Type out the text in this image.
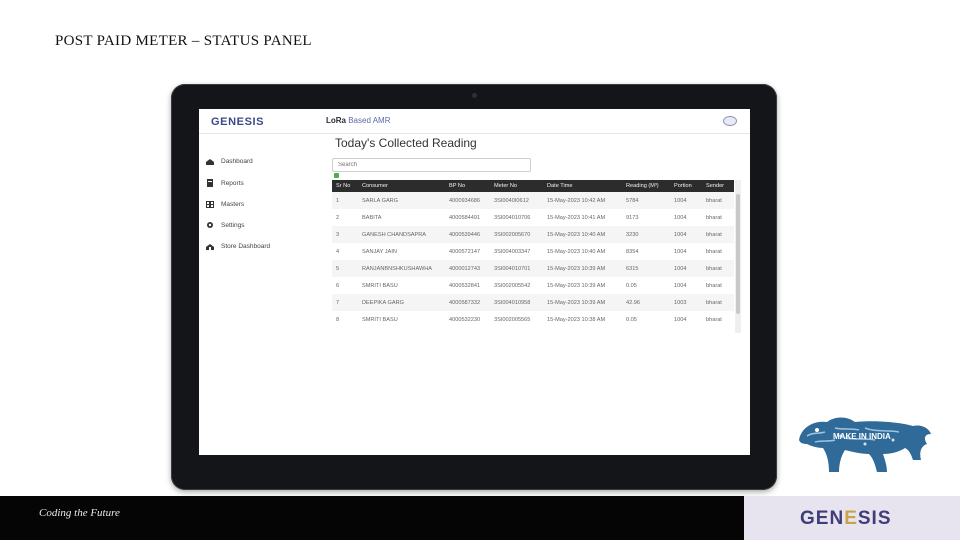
POST PAID METER – STATUS PANEL
GENESIS	LoRa Based AMR
Dashboard
Reports
Masters
Settings
Store Dashboard
Today's Collected Reading
Search
Sr No	Consumer	BP No	Meter No	Date Time	Reading (M³)	Portion	Sender
1	SARLA GARG	4000934686	3SI0040I0612	15-May-2023 10:42 AM	5784	1004	bharat
2	BABITA	4000584491	3SI004010706	15-May-2023 10:41 AM	9173	1004	bharat
3	GANESH CHANDSAPRA	4000539446	3SI002005670	15-May-2023 10:40 AM	3230	1004	bharat
4	SANJAY JAIN	4000572147	3SI004003347	15-May-2023 10:40 AM	8354	1004	bharat
5	RANJANBNSHKUSHAWHA	4000012743	3SI004010701	15-May-2023 10:39 AM	6315	1004	bharat
6	SMRITI BASU	4000532841	3SI002005542	15-May-2023 10:39 AM	0.05	1004	bharat
7	DEEPIKA GARG	4000587332	3SI004010958	15-May-2023 10:39 AM	42.96	1003	bharat
8	SMRITI BASU	4000532230	3SI002005565	15-May-2023 10:38 AM	0.05	1004	bharat
MAKE IN INDIA
Coding the Future	GENESIS
